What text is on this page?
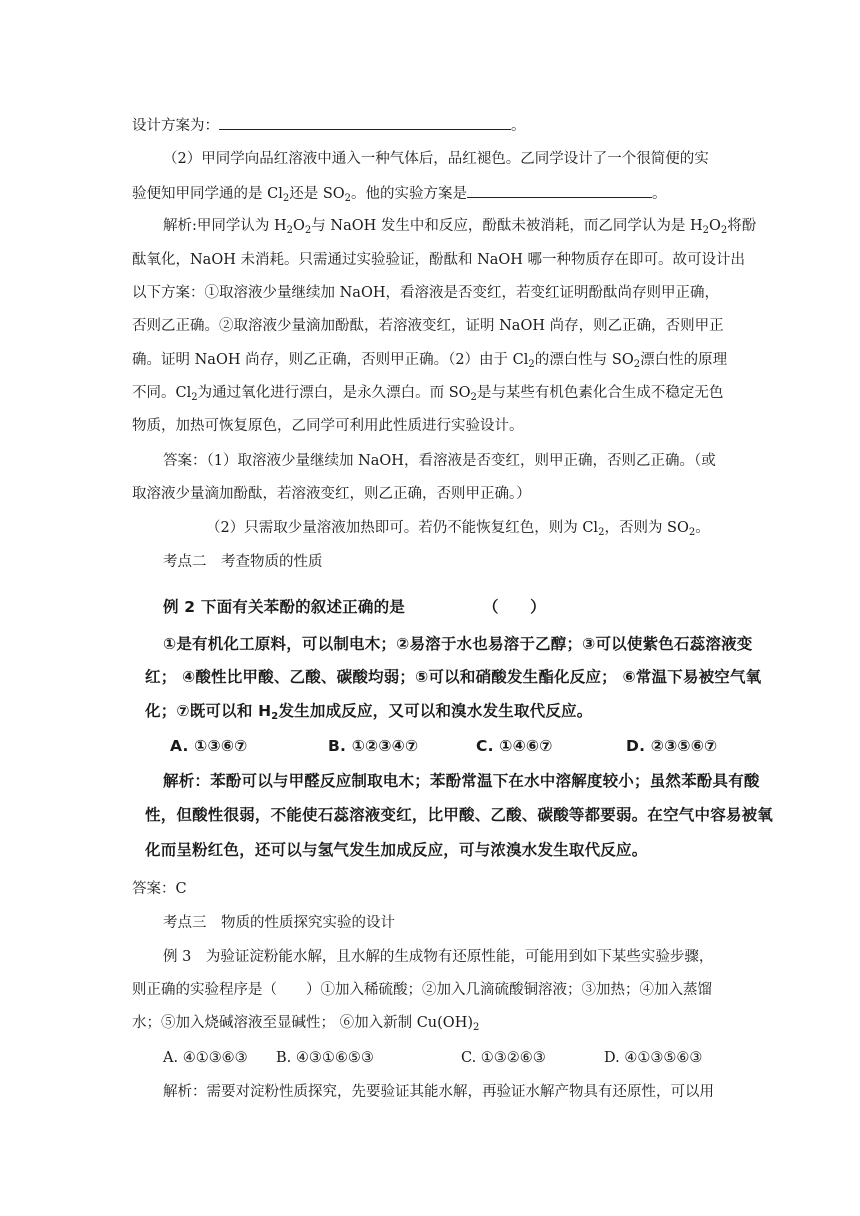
设计方案为：	。
（2）甲同学向品红溶液中通入一种气体后，品红褪色。乙同学设计了一个很简便的实
验便知甲同学通的是 $Cl_2$还是 $SO_2$。他的实验方案是	。
解析:甲同学认为 $H_2O_2$与 NaOH 发生中和反应，酚酞未被消耗，而乙同学认为是 $H_2O_2$将酚
酞氧化，NaOH 未消耗。只需通过实验验证，酚酞和 NaOH 哪一种物质存在即可。故可设计出
以下方案：①取溶液少量继续加 NaOH，看溶液是否变红，若变红证明酚酞尚存则甲正确，
否则乙正确。②取溶液少量滴加酚酞，若溶液变红，证明 NaOH 尚存，则乙正确，否则甲正
确。证明 NaOH 尚存，则乙正确，否则甲正确。（2）由于 $Cl_2$的漂白性与 $SO_2$漂白性的原理
不同。$Cl_2$为通过氧化进行漂白，是永久漂白。而 $SO_2$是与某些有机色素化合生成不稳定无色
物质，加热可恢复原色，乙同学可利用此性质进行实验设计。
答案：（1）取溶液少量继续加 NaOH，看溶液是否变红，则甲正确，否则乙正确。（或
取溶液少量滴加酚酞，若溶液变红，则乙正确，否则甲正确。）
（2）只需取少量溶液加热即可。若仍不能恢复红色，则为 $Cl_2$，否则为 $SO_2$。
考点二　考查物质的性质
例 2 下面有关苯酚的叙述正确的是	（　　）
①是有机化工原料，可以制电木；②易溶于水也易溶于乙醇；③可以使紫色石蕊溶液变
红； ④酸性比甲酸、乙酸、碳酸均弱；⑤可以和硝酸发生酯化反应； ⑥常温下易被空气氧
化；⑦既可以和 $H_2$发生加成反应，又可以和溴水发生取代反应。
A. ①③⑥⑦	B. ①②③④⑦	C. ①④⑥⑦	D. ②③⑤⑥⑦
解析：苯酚可以与甲醛反应制取电木；苯酚常温下在水中溶解度较小；虽然苯酚具有酸
性，但酸性很弱，不能使石蕊溶液变红，比甲酸、乙酸、碳酸等都要弱。在空气中容易被氧
化而呈粉红色，还可以与氢气发生加成反应，可与浓溴水发生取代反应。
答案：C
考点三　物质的性质探究实验的设计
例 3　为验证淀粉能水解，且水解的生成物有还原性能，可能用到如下某些实验步骤，
则正确的实验程序是（　　）①加入稀硫酸；②加入几滴硫酸铜溶液；③加热；④加入蒸馏
水；⑤加入烧碱溶液至显碱性； ⑥加入新制 $Cu(OH)_2$
A. ④①③⑥③ B. ④③①⑥⑤③	C. ①③②⑥③	D. ④①③⑤⑥③
解析：需要对淀粉性质探究，先要验证其能水解，再验证水解产物具有还原性，可以用
